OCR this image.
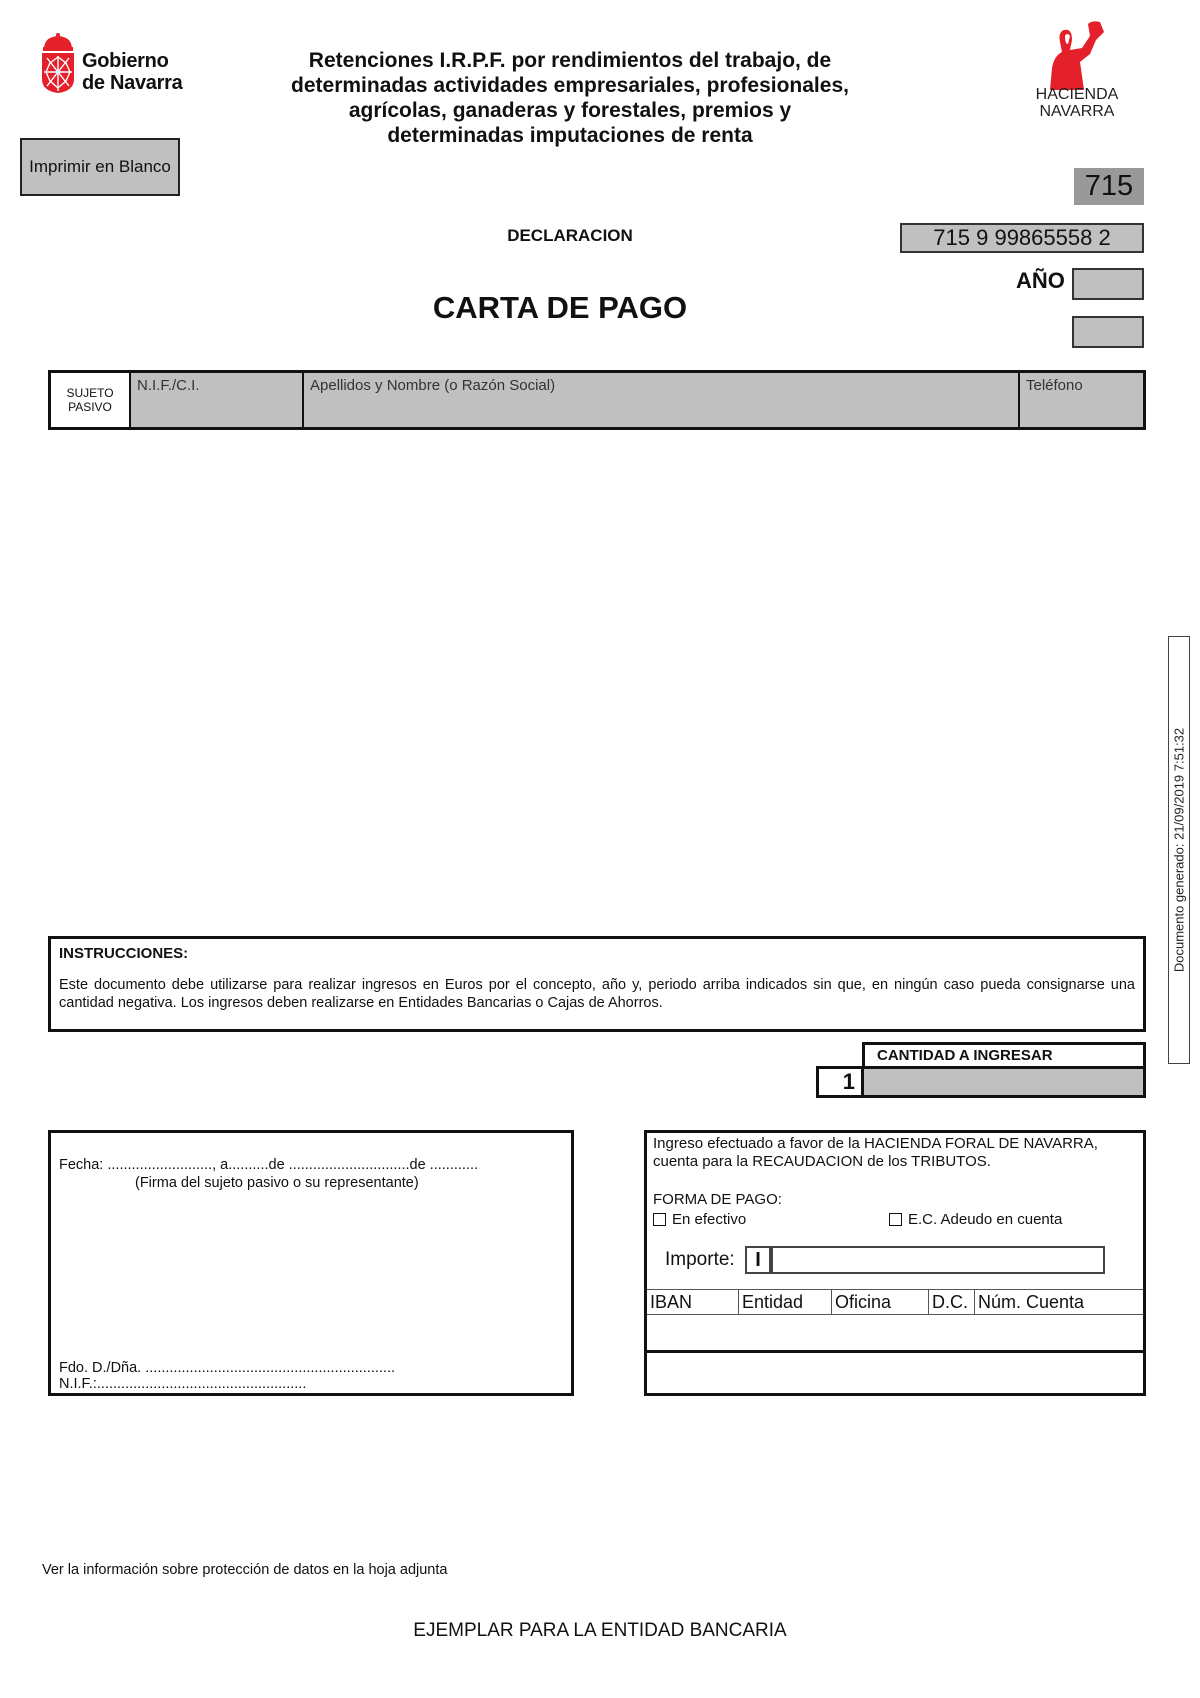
Gobierno
de Navarra
Retenciones I.R.P.F. por rendimientos del trabajo, de
determinadas actividades empresariales, profesionales,
agrícolas, ganaderas y forestales, premios y
determinadas imputaciones de renta
HACIENDA
NAVARRA
Imprimir en Blanco
715
DECLARACION	715 9 99865558 2
AÑO
CARTA DE PAGO
SUJETO
PASIVO
N.I.F./C.I.	Apellidos y Nombre (o Razón Social)	Teléfono
Documento generado: 21/09/2019 7:51:32
INSTRUCCIONES:

Este documento debe utilizarse para realizar ingresos en Euros por el concepto, año y, periodo arriba indicados sin que, en ningún caso pueda consignarse una cantidad negativa. Los ingresos deben realizarse en Entidades Bancarias o Cajas de Ahorros.

CANTIDAD A INGRESAR
1
Fecha: .........................., a..........de ..............................de ............
(Firma del sujeto pasivo o su representante)
Fdo. D./Dña. ..............................................................
N.I.F.:....................................................
Ingreso efectuado a favor de la HACIENDA FORAL DE NAVARRA,
cuenta para la RECAUDACION de los TRIBUTOS.
FORMA DE PAGO:
En efectivo	E.C. Adeudo en cuenta
Importe:	I
IBAN	Entidad	Oficina	D.C. Núm. Cuenta
Ver la información sobre protección de datos en la hoja adjunta
EJEMPLAR PARA LA ENTIDAD BANCARIA
